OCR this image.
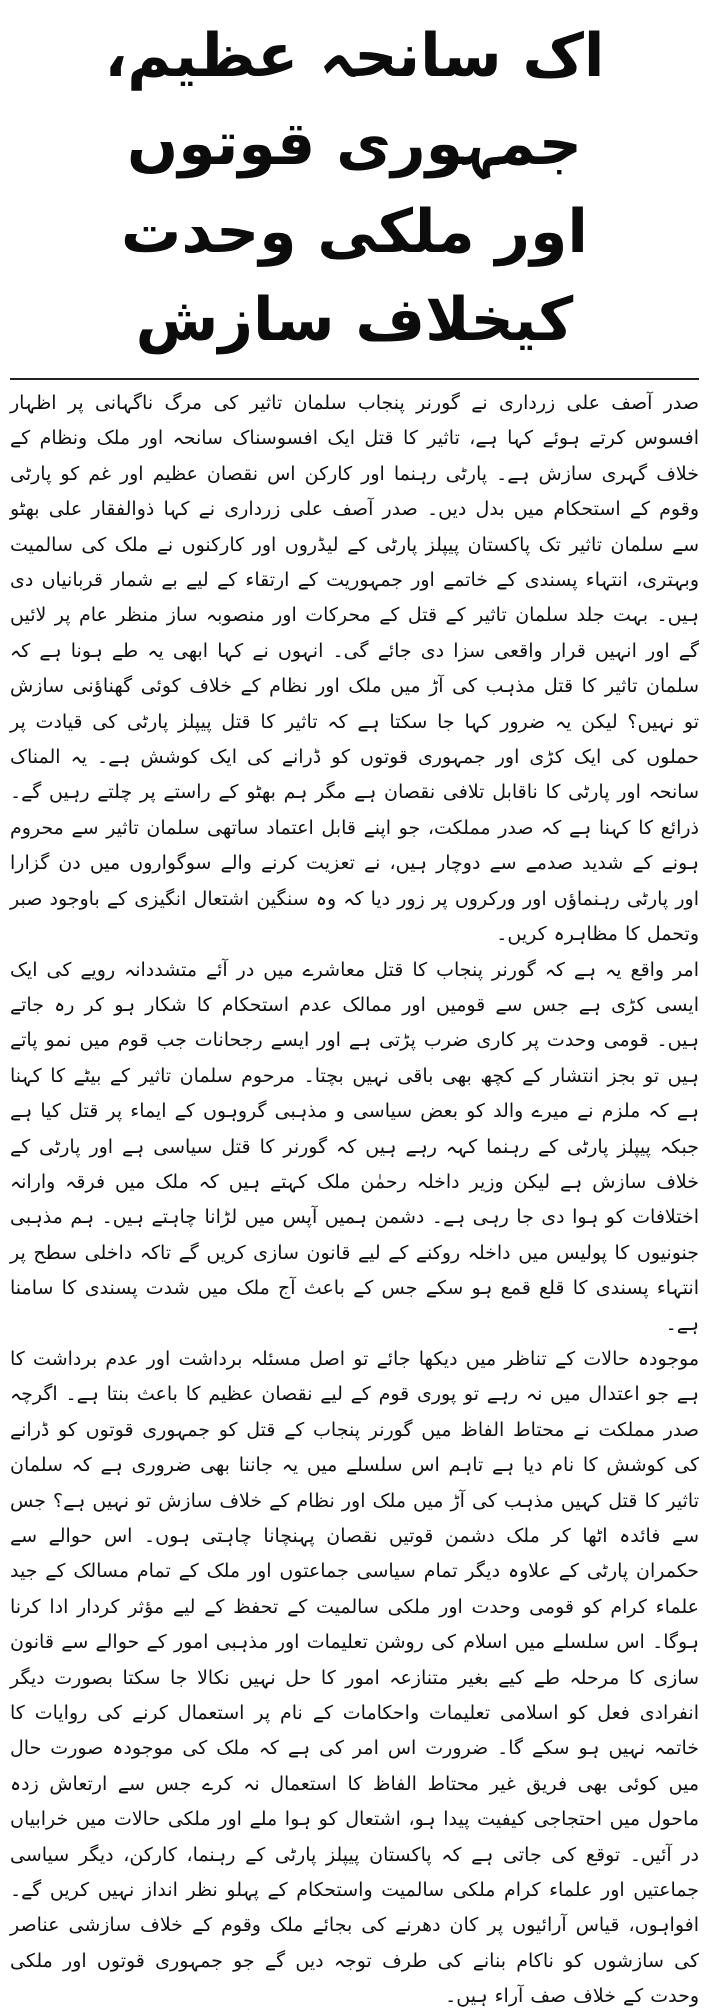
اک سانحہ عظیم، جمہوری قوتوں
اور ملکی وحدت کیخلاف سازش

صدر آصف علی زرداری نے گورنر پنجاب سلمان تاثیر کی مرگ ناگہانی پر اظہار افسوس کرتے ہوئے کہا ہے، تاثیر کا قتل ایک افسوسناک سانحہ اور ملک ونظام کے خلاف گہری سازش ہے۔ پارٹی رہنما اور کارکن اس نقصان عظیم اور غم کو پارٹی وقوم کے استحکام میں بدل دیں۔ صدر آصف علی زرداری نے کہا ذوالفقار علی بھٹو سے سلمان تاثیر تک پاکستان پیپلز پارٹی کے لیڈروں اور کارکنوں نے ملک کی سالمیت وبہتری، انتہاء پسندی کے خاتمے اور جمہوریت کے ارتقاء کے لیے بے شمار قربانیاں دی ہیں۔ بہت جلد سلمان تاثیر کے قتل کے محرکات اور منصوبہ ساز منظر عام پر لائیں گے اور انہیں قرار واقعی سزا دی جائے گی۔ انہوں نے کہا ابھی یہ طے ہونا ہے کہ سلمان تاثیر کا قتل مذہب کی آڑ میں ملک اور نظام کے خلاف کوئی گھناؤنی سازش تو نہیں؟ لیکن یہ ضرور کہا جا سکتا ہے کہ تاثیر کا قتل پیپلز پارٹی کی قیادت پر حملوں کی ایک کڑی اور جمہوری قوتوں کو ڈرانے کی ایک کوشش ہے۔ یہ المناک سانحہ اور پارٹی کا ناقابل تلافی نقصان ہے مگر ہم بھٹو کے راستے پر چلتے رہیں گے۔ ذرائع کا کہنا ہے کہ صدر مملکت، جو اپنے قابل اعتماد ساتھی سلمان تاثیر سے محروم ہونے کے شدید صدمے سے دوچار ہیں، نے تعزیت کرنے والے سوگواروں میں دن گزارا اور پارٹی رہنماؤں اور ورکروں پر زور دیا کہ وہ سنگین اشتعال انگیزی کے باوجود صبر وتحمل کا مظاہرہ کریں۔

امر واقع یہ ہے کہ گورنر پنجاب کا قتل معاشرے میں در آئے متشددانہ رویے کی ایک ایسی کڑی ہے جس سے قومیں اور ممالک عدم استحکام کا شکار ہو کر رہ جاتے ہیں۔ قومی وحدت پر کاری ضرب پڑتی ہے اور ایسے رجحانات جب قوم میں نمو پاتے ہیں تو بجز انتشار کے کچھ بھی باقی نہیں بچتا۔ مرحوم سلمان تاثیر کے بیٹے کا کہنا ہے کہ ملزم نے میرے والد کو بعض سیاسی و مذہبی گروہوں کے ایماء پر قتل کیا ہے جبکہ پیپلز پارٹی کے رہنما کہہ رہے ہیں کہ گورنر کا قتل سیاسی ہے اور پارٹی کے خلاف سازش ہے لیکن وزیر داخلہ رحمٰن ملک کہتے ہیں کہ ملک میں فرقہ وارانہ اختلافات کو ہوا دی جا رہی ہے۔ دشمن ہمیں آپس میں لڑانا چاہتے ہیں۔ ہم مذہبی جنونیوں کا پولیس میں داخلہ روکنے کے لیے قانون سازی کریں گے تاکہ داخلی سطح پر انتہاء پسندی کا قلع قمع ہو سکے جس کے باعث آج ملک میں شدت پسندی کا سامنا ہے۔

موجودہ حالات کے تناظر میں دیکھا جائے تو اصل مسئلہ برداشت اور عدم برداشت کا ہے جو اعتدال میں نہ رہے تو پوری قوم کے لیے نقصان عظیم کا باعث بنتا ہے۔ اگرچہ صدر مملکت نے محتاط الفاظ میں گورنر پنجاب کے قتل کو جمہوری قوتوں کو ڈرانے کی کوشش کا نام دیا ہے تاہم اس سلسلے میں یہ جاننا بھی ضروری ہے کہ سلمان تاثیر کا قتل کہیں مذہب کی آڑ میں ملک اور نظام کے خلاف سازش تو نہیں ہے؟ جس سے فائدہ اٹھا کر ملک دشمن قوتیں نقصان پہنچانا چاہتی ہوں۔ اس حوالے سے حکمران پارٹی کے علاوہ دیگر تمام سیاسی جماعتوں اور ملک کے تمام مسالک کے جید علماء کرام کو قومی وحدت اور ملکی سالمیت کے تحفظ کے لیے مؤثر کردار ادا کرنا ہوگا۔ اس سلسلے میں اسلام کی روشن تعلیمات اور مذہبی امور کے حوالے سے قانون سازی کا مرحلہ طے کیے بغیر متنازعہ امور کا حل نہیں نکالا جا سکتا بصورت دیگر انفرادی فعل کو اسلامی تعلیمات واحکامات کے نام پر استعمال کرنے کی روایات کا خاتمہ نہیں ہو سکے گا۔ ضرورت اس امر کی ہے کہ ملک کی موجودہ صورت حال میں کوئی بھی فریق غیر محتاط الفاظ کا استعمال نہ کرے جس سے ارتعاش زدہ ماحول میں احتجاجی کیفیت پیدا ہو، اشتعال کو ہوا ملے اور ملکی حالات میں خرابیاں در آئیں۔ توقع کی جاتی ہے کہ پاکستان پیپلز پارٹی کے رہنما، کارکن، دیگر سیاسی جماعتیں اور علماء کرام ملکی سالمیت واستحکام کے پہلو نظر انداز نہیں کریں گے۔ افواہوں، قیاس آرائیوں پر کان دھرنے کی بجائے ملک وقوم کے خلاف سازشی عناصر کی سازشوں کو ناکام بنانے کی طرف توجہ دیں گے جو جمہوری قوتوں اور ملکی وحدت کے خلاف صف آراء ہیں۔
